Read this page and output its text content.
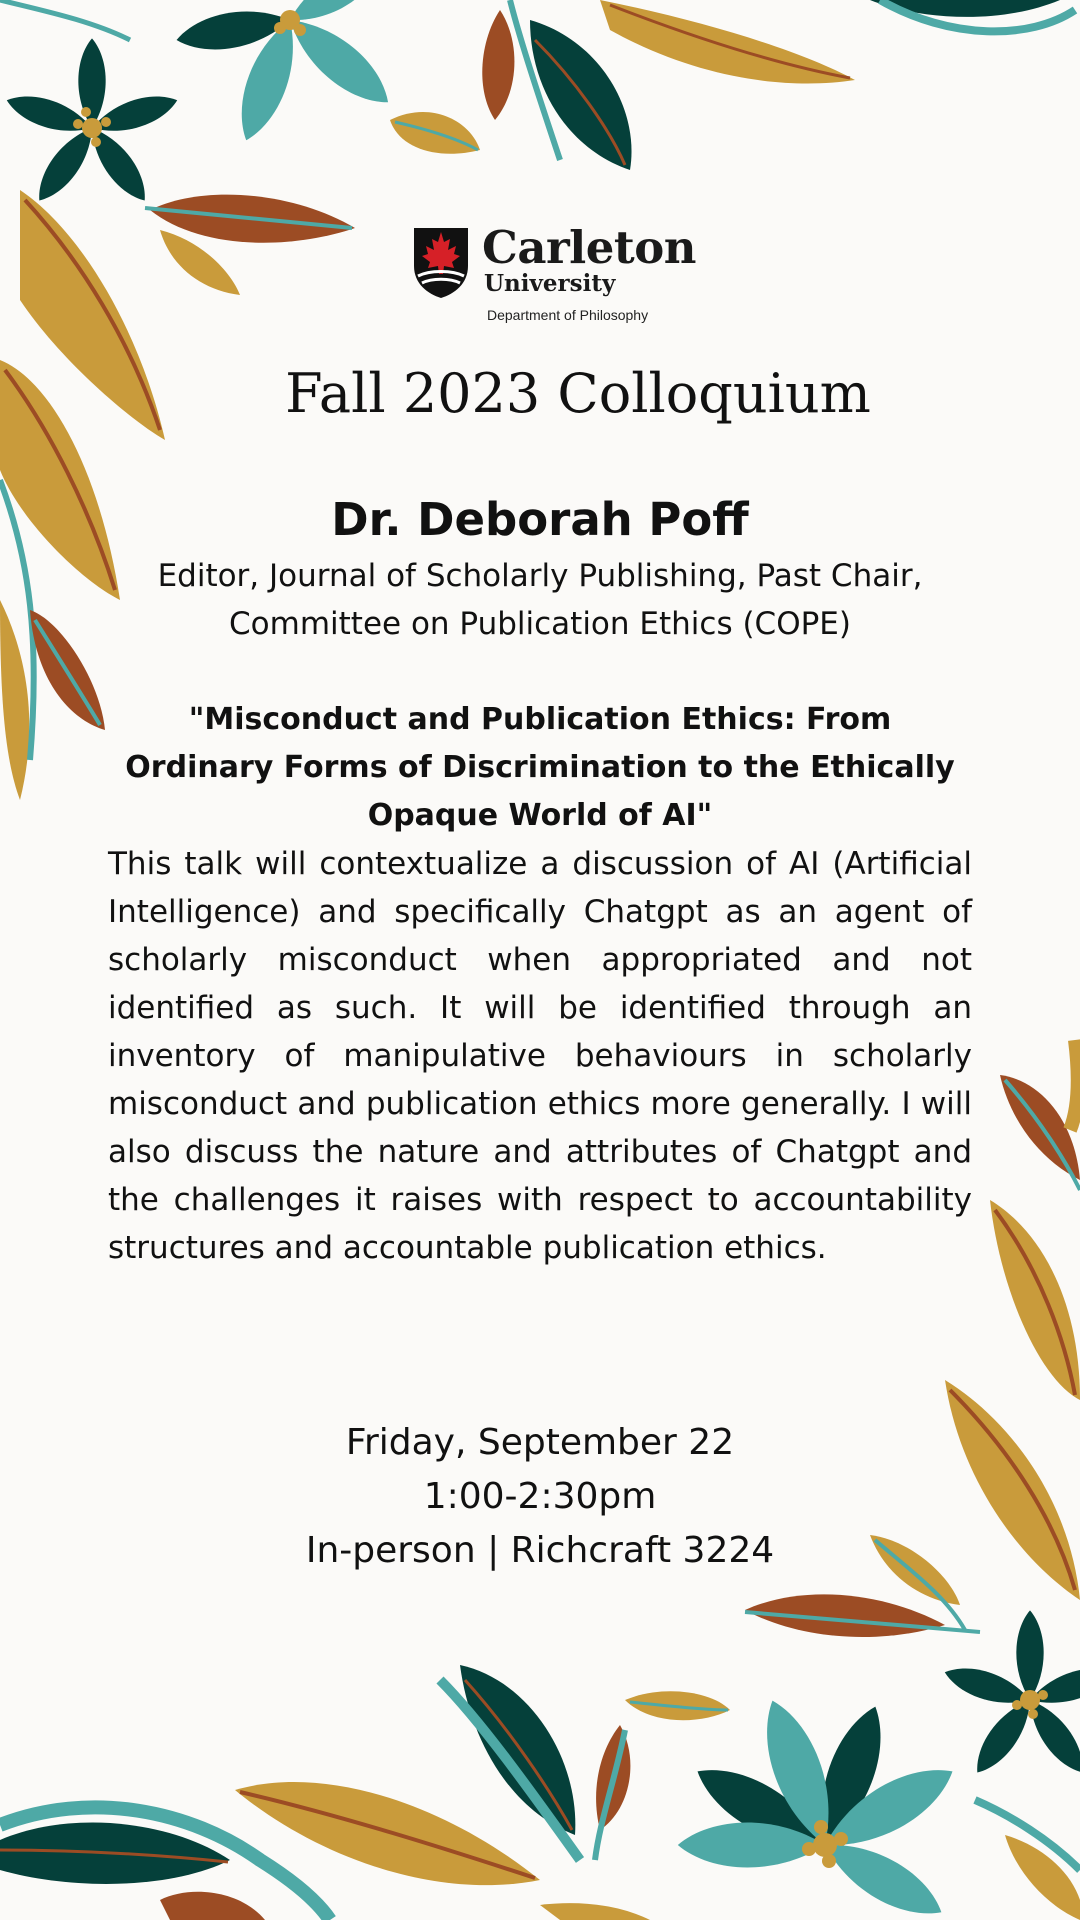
Carleton
University
Department of Philosophy
Fall 2023 Colloquium
Dr. Deborah Poff
Editor, Journal of Scholarly Publishing, Past Chair,
Committee on Publication Ethics (COPE)
"Misconduct and Publication Ethics: From
Ordinary Forms of Discrimination to the Ethically
Opaque World of AI"

This talk will contextualize a discussion of AI (Artificial Intelligence) and specifically Chatgpt as an agent of scholarly misconduct when appropriated and not identified as such. It will be identified through an inventory of manipulative behaviours in scholarly misconduct and publication ethics more generally. I will also discuss the nature and attributes of Chatgpt and the challenges it raises with respect to accountability structures and accountable publication ethics.

Friday, September 22
1:00-2:30pm
In-person | Richcraft 3224
